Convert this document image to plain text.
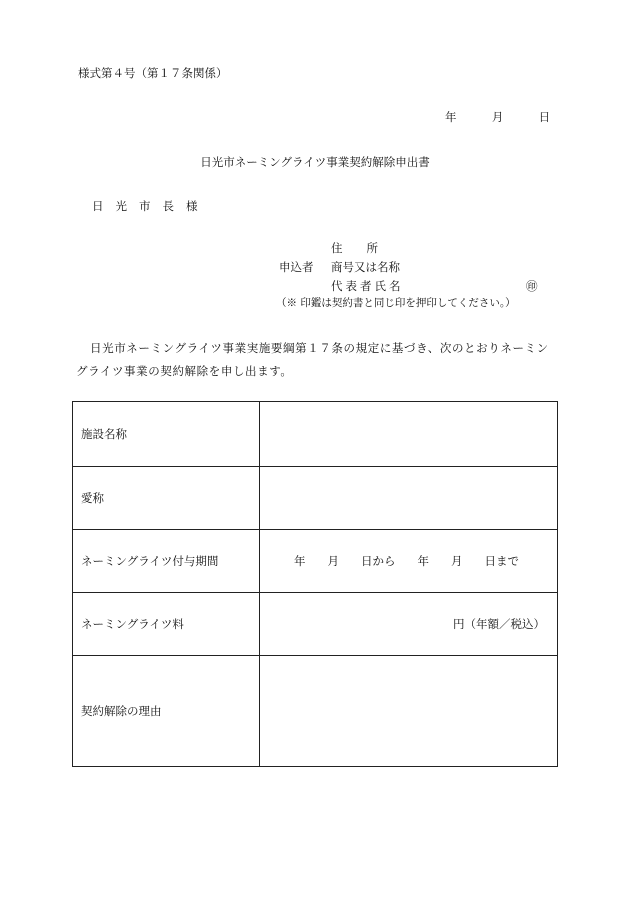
様式第４号（第１７条関係）
年	月	日
日光市ネーミングライツ事業契約解除申出書
日光市長様
申込者
住所
商号又は名称
代表者氏名	㊞
（※ 印鑑は契約書と同じ印を押印してください。）
日光市ネーミングライツ事業実施要綱第１７条の規定に基づき、次のとおりネーミングライツ事業の契約解除を申し出ます。
施設名称	
愛称	
ネーミングライツ付与期間	年 月 日から 年 月 日まで

ネーミングライツ料	円（年額／税込）
契約解除の理由	
